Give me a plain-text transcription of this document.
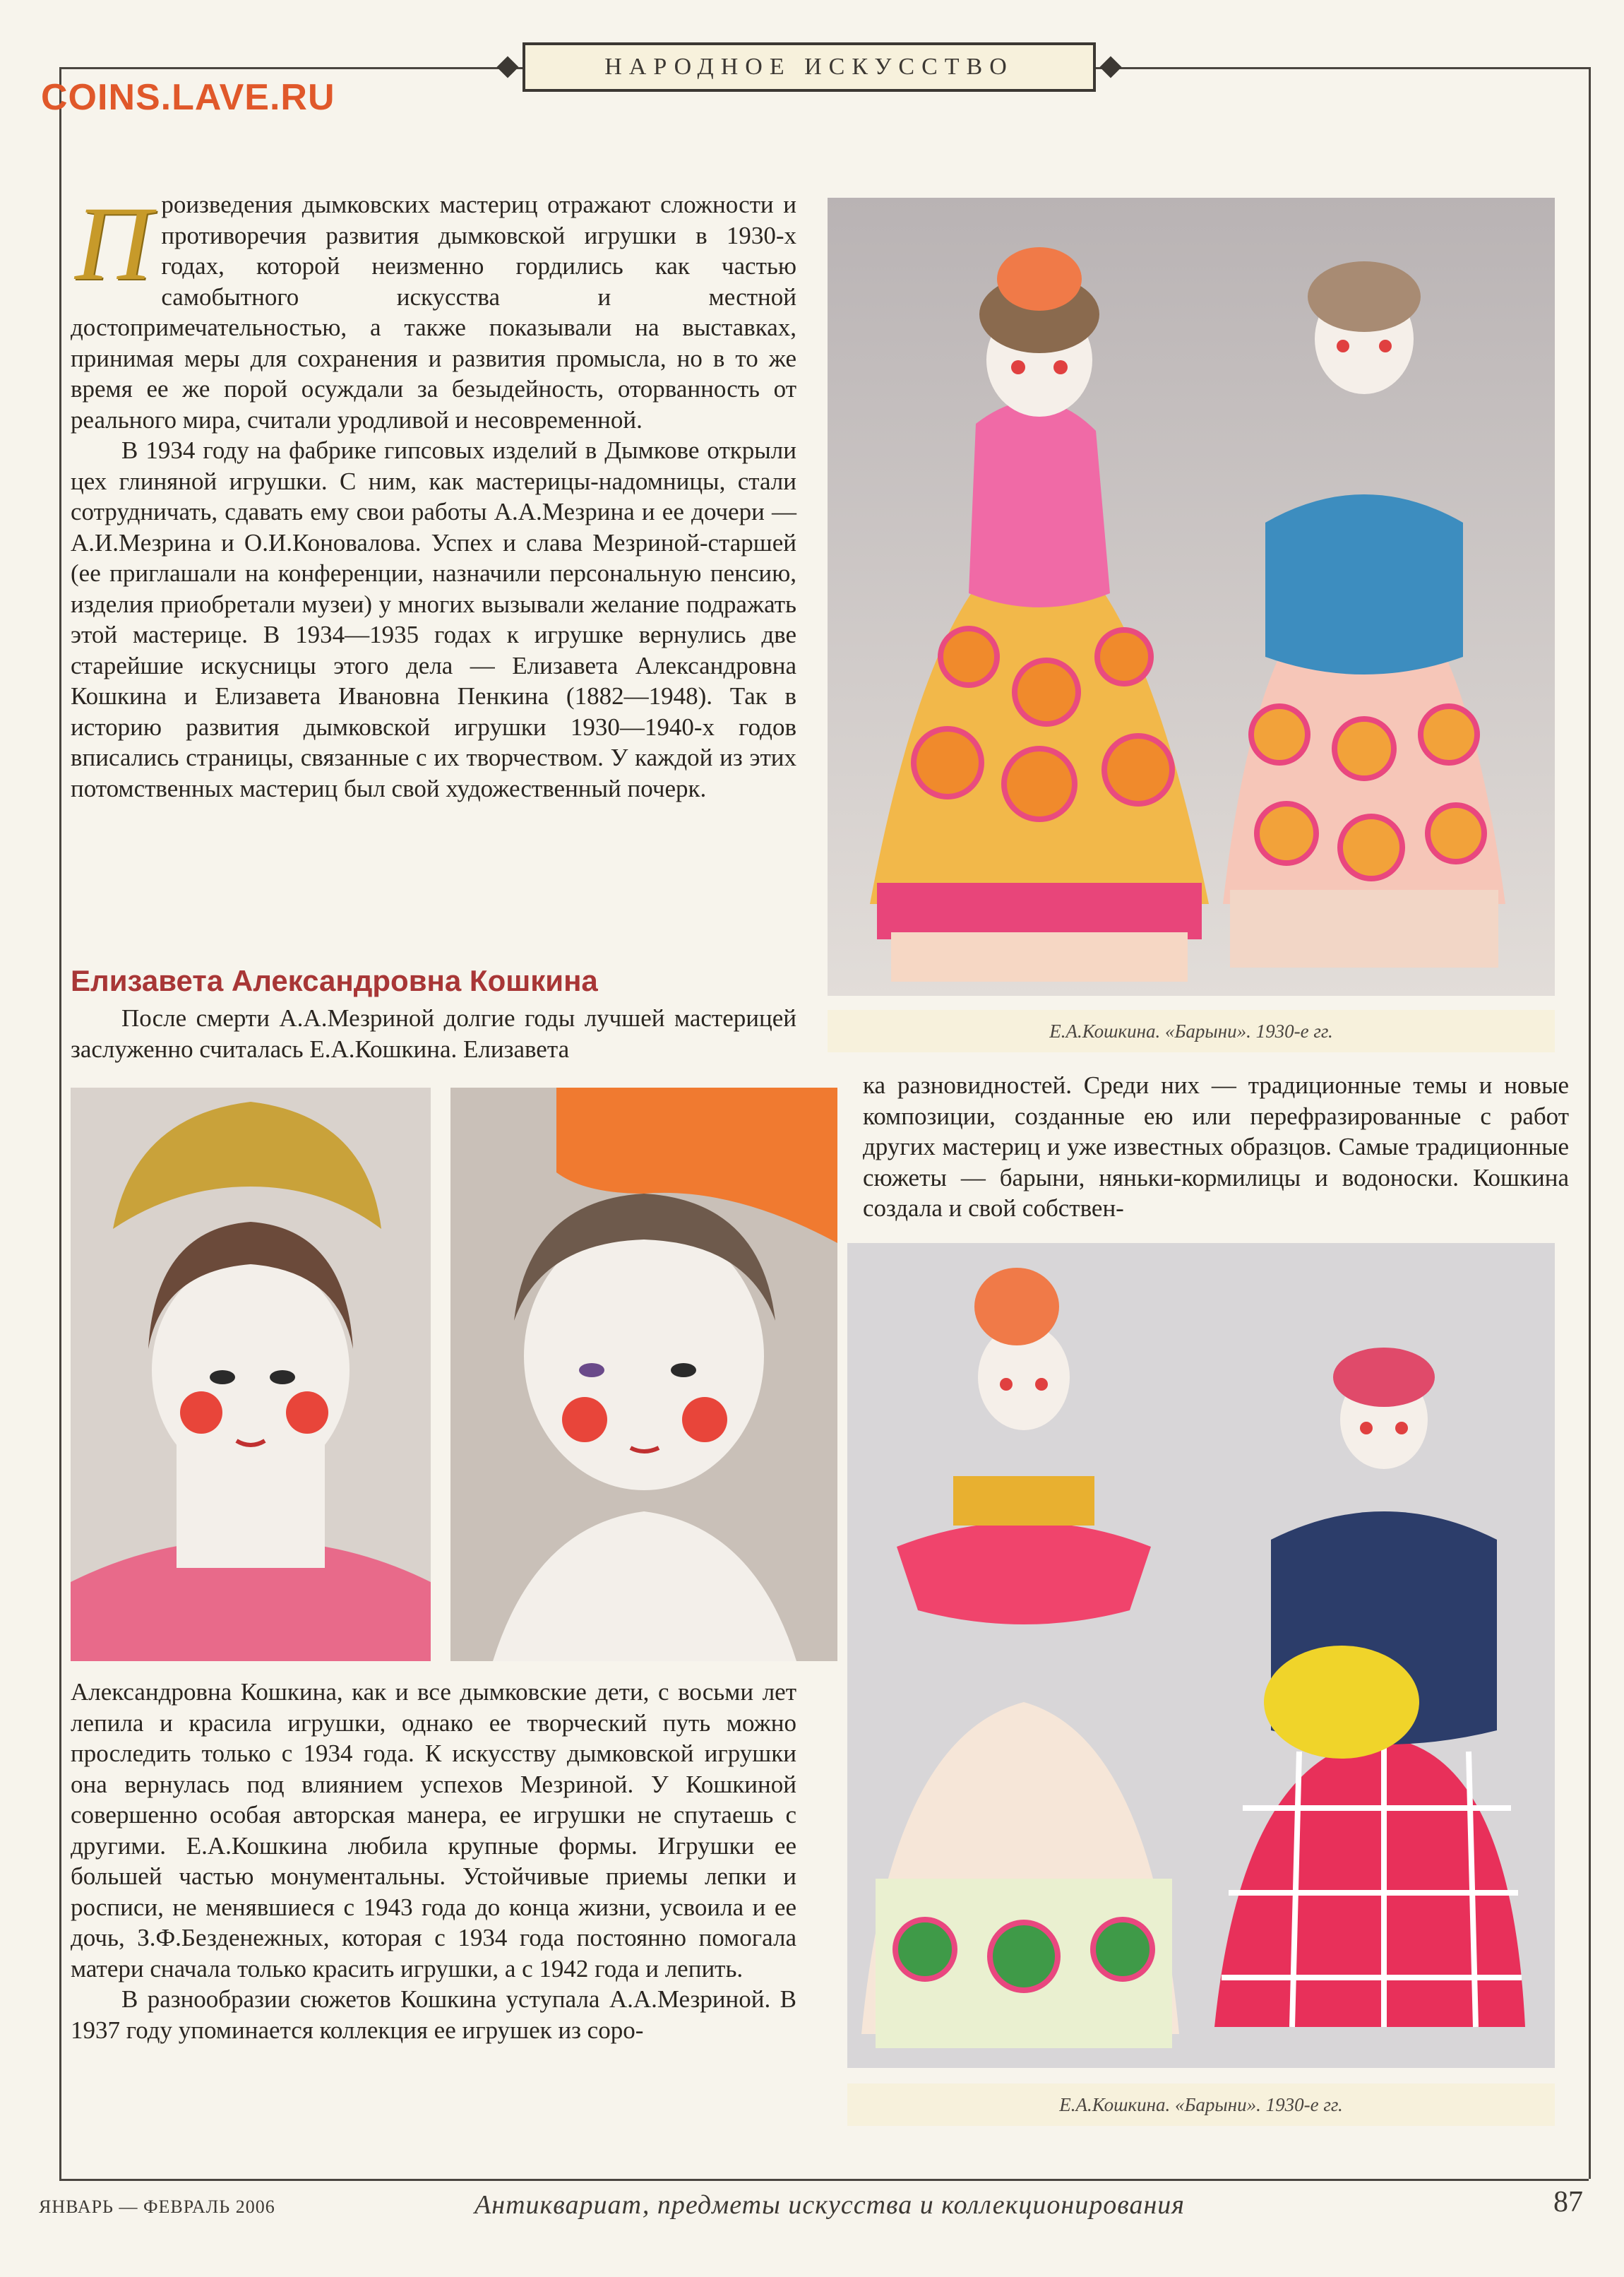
НАРОДНОЕ ИСКУССТВО
COINS.LAVE.RU

Произведения дымковских мастериц отражают сложности и противоречия развития дымковской игрушки в 1930-х годах, которой неизменно гордились как частью самобытного искусства и местной достопримечательностью, а также показывали на выставках, принимая меры для сохранения и развития промысла, но в то же время ее же порой осуждали за безыдейность, оторванность от реального мира, считали уродливой и несовременной.

В 1934 году на фабрике гипсовых изделий в Дымкове открыли цех глиняной игрушки. С ним, как мастерицы-надомницы, стали сотрудничать, сдавать ему свои работы А.А.Мезрина и ее дочери — А.И.Мезрина и О.И.Коновалова. Успех и слава Мезриной-старшей (ее приглашали на конференции, назначили персональную пенсию, изделия приобретали музеи) у многих вызывали желание подражать этой мастерице. В 1934—1935 годах к игрушке вернулись две старейшие искусницы этого дела — Елизавета Александровна Кошкина и Елизавета Ивановна Пенкина (1882—1948). Так в историю развития дымковской игрушки 1930—1940-х годов вписались страницы, связанные с их творчеством. У каждой из этих потомственных мастериц был свой художественный почерк.

Елизавета Александровна Кошкина

После смерти А.А.Мезриной долгие годы лучшей мастерицей заслуженно считалась Е.А.Кошкина. Елизавета

Александровна Кошкина, как и все дымковские дети, с восьми лет лепила и красила игрушки, однако ее творческий путь можно проследить только с 1934 года. К искусству дымковской игрушки она вернулась под влиянием успехов Мезриной. У Кошкиной совершенно особая авторская манера, ее игрушки не спутаешь с другими. Е.А.Кошкина любила крупные формы. Игрушки ее большей частью монументальны. Устойчивые приемы лепки и росписи, не менявшиеся с 1943 года до конца жизни, усвоила и ее дочь, З.Ф.Безденежных, которая с 1934 года постоянно помогала матери сначала только красить игрушки, а с 1942 года и лепить.

В разнообразии сюжетов Кошкина уступала А.А.Мезриной. В 1937 году упоминается коллекция ее игрушек из соро-

ка разновидностей. Среди них — традиционные темы и новые композиции, созданные ею или перефразированные с работ других мастериц и уже известных образцов. Самые традиционные сюжеты — барыни, няньки-кормилицы и водоноски. Кошкина создала и свой собствен-

Е.А.Кошкина. «Барыни». 1930-е гг.
Е.А.Кошкина. «Барыни». 1930-е гг.
ЯНВАРЬ — ФЕВРАЛЬ 2006	Антиквариат, предметы искусства и коллекционирования	87
